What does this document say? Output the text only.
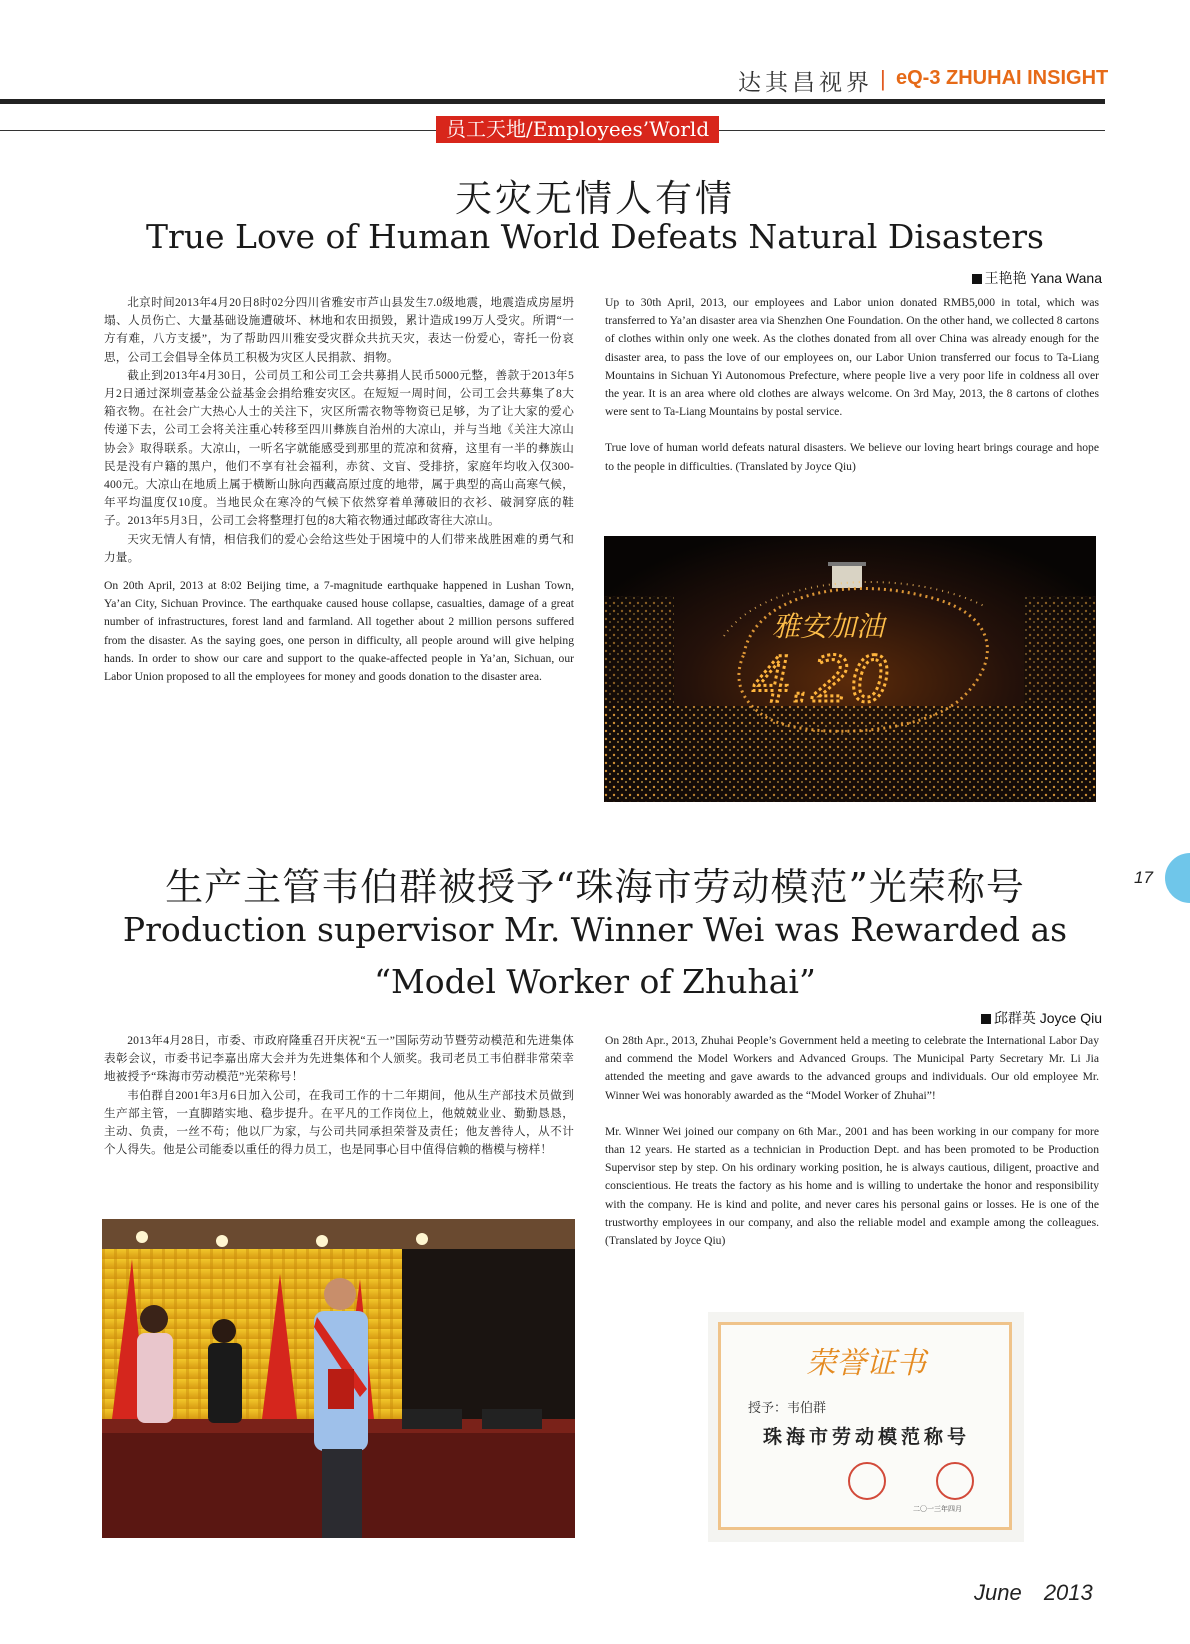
达其昌视界 | eQ-3 ZHUHAI INSIGHT
员工天地/Employees’World
天灾无情人有情
True Love of Human World Defeats Natural Disasters
王艳艳 Yana Wana

北京时间2013年4月20日8时02分四川省雅安市芦山县发生7.0级地震，地震造成房屋坍塌、人员伤亡、大量基础设施遭破坏、林地和农田损毁，累计造成199万人受灾。所谓“一方有难，八方支援”，为了帮助四川雅安受灾群众共抗天灾，表达一份爱心，寄托一份哀思，公司工会倡导全体员工积极为灾区人民捐款、捐物。

截止到2013年4月30日，公司员工和公司工会共募捐人民币5000元整，善款于2013年5月2日通过深圳壹基金公益基金会捐给雅安灾区。在短短一周时间，公司工会共募集了8大箱衣物。在社会广大热心人士的关注下，灾区所需衣物等物资已足够，为了让大家的爱心传递下去，公司工会将关注重心转移至四川彝族自治州的大凉山，并与当地《关注大凉山协会》取得联系。大凉山，一听名字就能感受到那里的荒凉和贫瘠，这里有一半的彝族山民是没有户籍的黑户，他们不享有社会福利，赤贫、文盲、受排挤，家庭年均收入仅300-400元。大凉山在地质上属于横断山脉向西藏高原过度的地带，属于典型的高山高寒气候，年平均温度仅10度。当地民众在寒冷的气候下依然穿着单薄破旧的衣衫、破洞穿底的鞋子。2013年5月3日，公司工会将整理打包的8大箱衣物通过邮政寄往大凉山。

天灾无情人有情，相信我们的爱心会给这些处于困境中的人们带来战胜困难的勇气和力量。

On 20th April, 2013 at 8:02 Beijing time, a 7-magnitude earthquake happened in Lushan Town, Ya’an City, Sichuan Province. The earthquake caused house collapse, casualties, damage of a great number of infrastructures, forest land and farmland. All together about 2 million persons suffered from the disaster. As the saying goes, one person in difficulty, all people around will give helping hands. In order to show our care and support to the quake-affected people in Ya’an, Sichuan, our Labor Union proposed to all the employees for money and goods donation to the disaster area.

Up to 30th April, 2013, our employees and Labor union donated RMB5,000 in total, which was transferred to Ya’an disaster area via Shenzhen One Foundation. On the other hand, we collected 8 cartons of clothes within only one week. As the clothes donated from all over China was already enough for the disaster area, to pass the love of our employees on, our Labor Union transferred our focus to Ta-Liang Mountains in Sichuan Yi Autonomous Prefecture, where people live a very poor life in coldness all over the year. It is an area where old clothes are always welcome. On 3rd May, 2013, the 8 cartons of clothes were sent to Ta-Liang Mountains by postal service.

True love of human world defeats natural disasters. We believe our loving heart brings courage and hope to the people in difficulties. (Translated by Joyce Qiu)

雅安加油
4.20
17
生产主管韦伯群被授予“珠海市劳动模范”光荣称号
Production supervisor Mr. Winner Wei was Rewarded as
“Model Worker of Zhuhai”
邱群英 Joyce Qiu

2013年4月28日，市委、市政府隆重召开庆祝“五一”国际劳动节暨劳动模范和先进集体表彰会议，市委书记李嘉出席大会并为先进集体和个人颁奖。我司老员工韦伯群非常荣幸地被授予“珠海市劳动模范”光荣称号！

韦伯群自2001年3月6日加入公司，在我司工作的十二年期间，他从生产部技术员做到生产部主管，一直脚踏实地、稳步提升。在平凡的工作岗位上，他兢兢业业、勤勤恳恳，主动、负责，一丝不苟；他以厂为家，与公司共同承担荣誉及责任；他友善待人，从不计个人得失。他是公司能委以重任的得力员工，也是同事心目中值得信赖的楷模与榜样！

On 28th Apr., 2013, Zhuhai People’s Government held a meeting to celebrate the International Labor Day and commend the Model Workers and Advanced Groups. The Municipal Party Secretary Mr. Li Jia attended the meeting and gave awards to the advanced groups and individuals. Our old employee Mr. Winner Wei was honorably awarded as the “Model Worker of Zhuhai”!

Mr. Winner Wei joined our company on 6th Mar., 2001 and has been working in our company for more than 12 years. He started as a technician in Production Dept. and has been promoted to be Production Supervisor step by step. On his ordinary working position, he is always cautious, diligent, proactive and conscientious. He treats the factory as his home and is willing to undertake the honor and responsibility with the company. He is kind and polite, and never cares his personal gains or losses. He is one of the trustworthy employees in our company, and also the reliable model and example among the colleagues. (Translated by Joyce Qiu)

荣誉证书
授予：韦伯群
珠海市劳动模范称号
二〇一三年四月
June 2013
